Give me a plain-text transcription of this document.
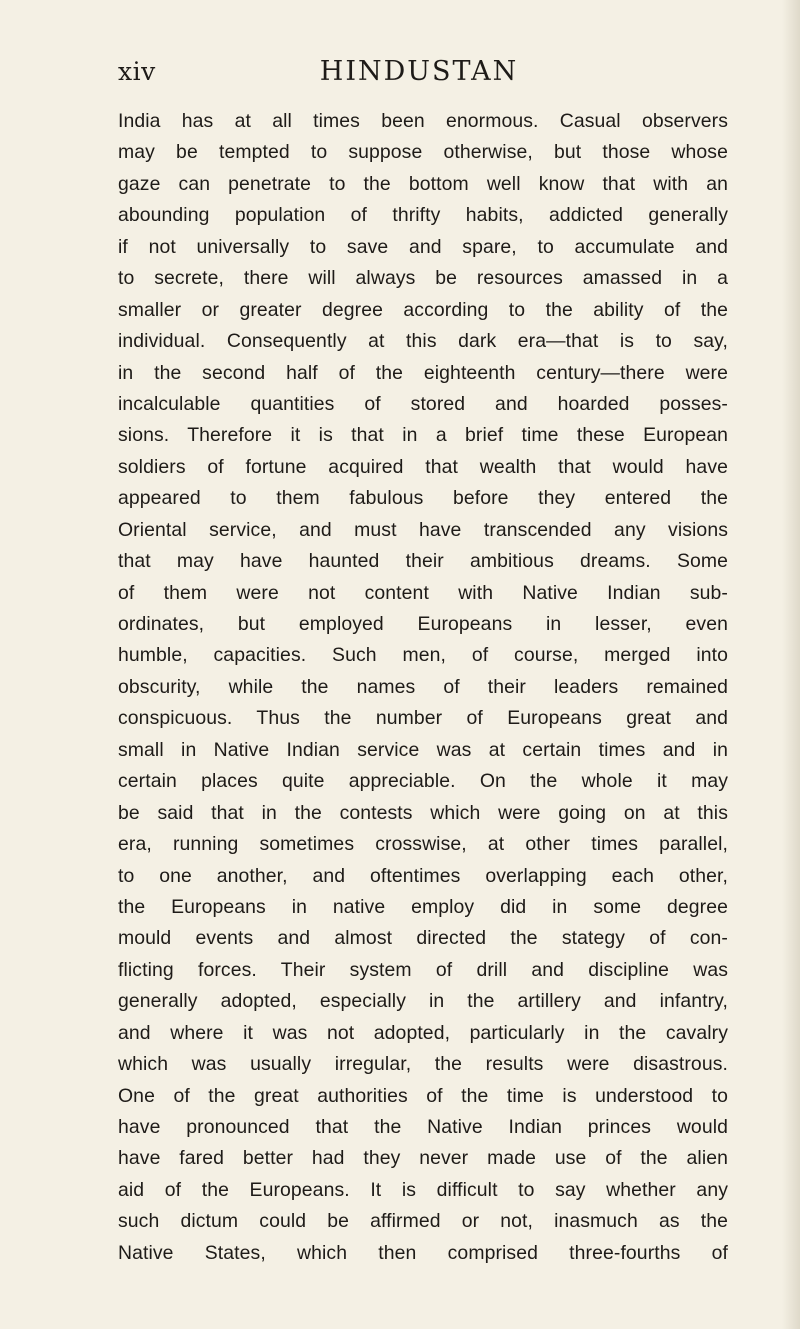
xiv	HINDUSTAN
India has at all times been enormous. Casual observers
may be tempted to suppose otherwise, but those whose
gaze can penetrate to the bottom well know that with an
abounding population of thrifty habits, addicted generally
if not universally to save and spare, to accumulate and
to secrete, there will always be resources amassed in a
smaller or greater degree according to the ability of the
individual. Consequently at this dark era—that is to say,
in the second half of the eighteenth century—there were
incalculable quantities of stored and hoarded posses-
sions. Therefore it is that in a brief time these European
soldiers of fortune acquired that wealth that would have
appeared to them fabulous before they entered the
Oriental service, and must have transcended any visions
that may have haunted their ambitious dreams. Some
of them were not content with Native Indian sub-
ordinates, but employed Europeans in lesser, even
humble, capacities. Such men, of course, merged into
obscurity, while the names of their leaders remained
conspicuous. Thus the number of Europeans great and
small in Native Indian service was at certain times and in
certain places quite appreciable. On the whole it may
be said that in the contests which were going on at this
era, running sometimes crosswise, at other times parallel,
to one another, and oftentimes overlapping each other,
the Europeans in native employ did in some degree
mould events and almost directed the stategy of con-
flicting forces. Their system of drill and discipline was
generally adopted, especially in the artillery and infantry,
and where it was not adopted, particularly in the cavalry
which was usually irregular, the results were disastrous.
One of the great authorities of the time is understood to
have pronounced that the Native Indian princes would
have fared better had they never made use of the alien
aid of the Europeans. It is difficult to say whether any
such dictum could be affirmed or not, inasmuch as the
Native States, which then comprised three-fourths of
